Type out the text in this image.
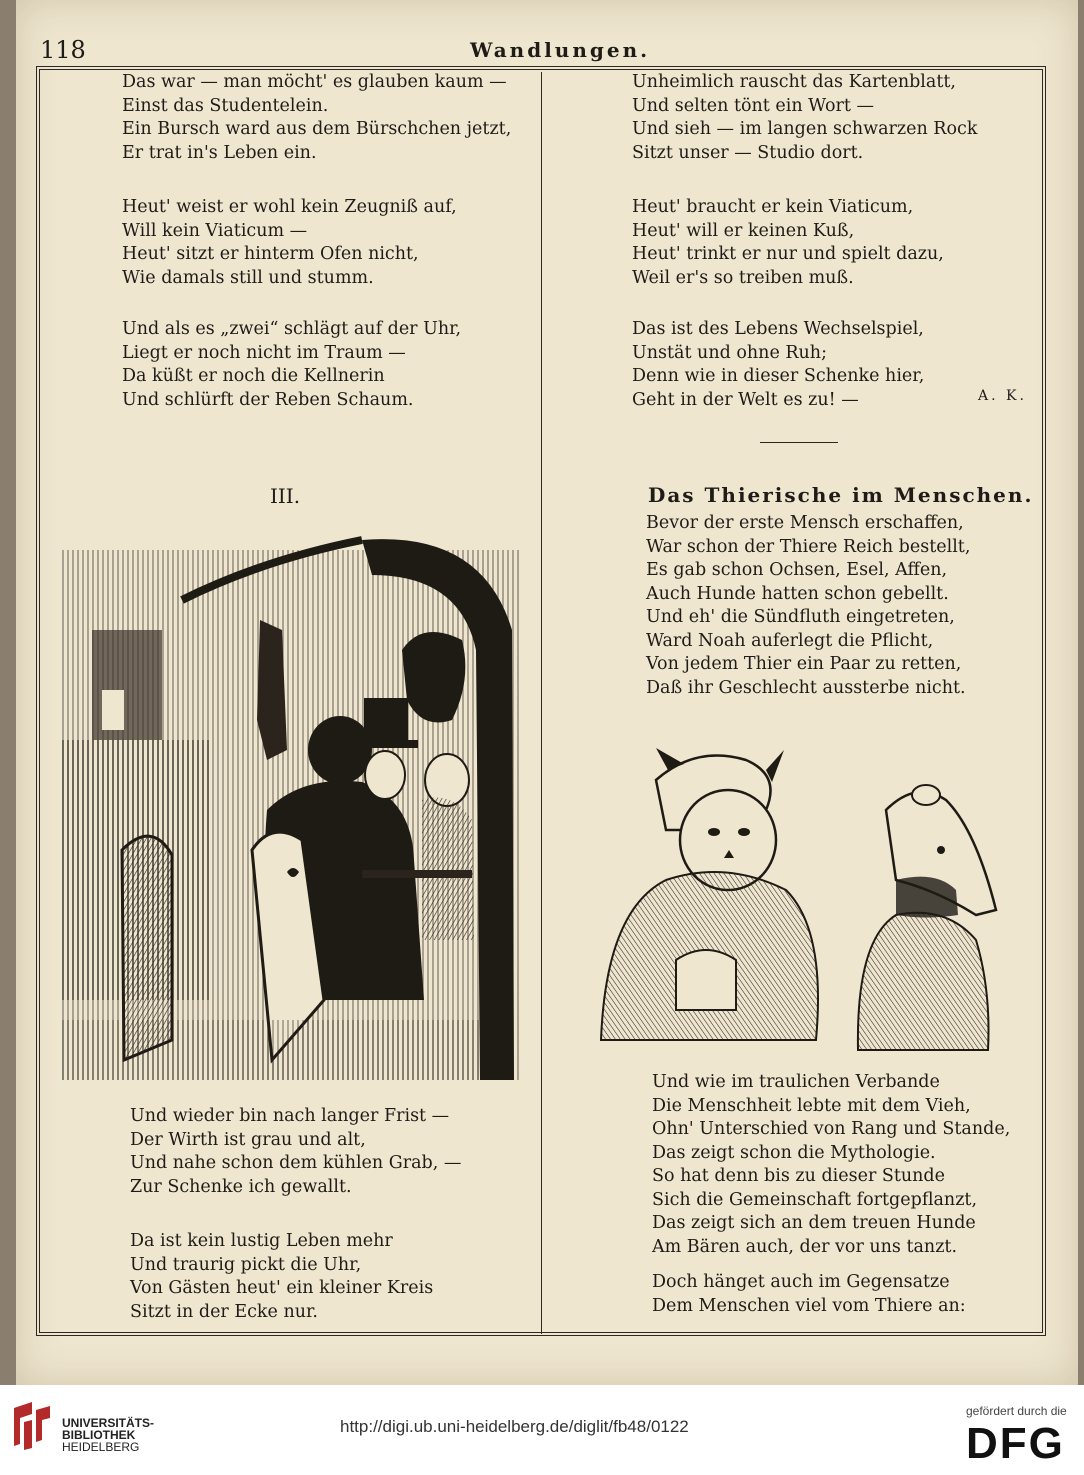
118	Wandlungen.
Das war — man möcht' es glauben kaum —
Einst das Studentelein.
Ein Bursch ward aus dem Bürschchen jetzt,
Er trat in's Leben ein.
Heut' weist er wohl kein Zeugniß auf,
Will kein Viaticum —
Heut' sitzt er hinterm Ofen nicht,
Wie damals still und stumm.
Und als es „zwei“ schlägt auf der Uhr,
Liegt er noch nicht im Traum —
Da küßt er noch die Kellnerin
Und schlürft der Reben Schaum.
III.
Und wieder bin nach langer Frist —
Der Wirth ist grau und alt,
Und nahe schon dem kühlen Grab, —
Zur Schenke ich gewallt.
Da ist kein lustig Leben mehr
Und traurig pickt die Uhr,
Von Gästen heut' ein kleiner Kreis
Sitzt in der Ecke nur.
Unheimlich rauscht das Kartenblatt,
Und selten tönt ein Wort —
Und sieh — im langen schwarzen Rock
Sitzt unser — Studio dort.
Heut' braucht er kein Viaticum,
Heut' will er keinen Kuß,
Heut' trinkt er nur und spielt dazu,
Weil er's so treiben muß.
Das ist des Lebens Wechselspiel,
Unstät und ohne Ruh;
Denn wie in dieser Schenke hier,
Geht in der Welt es zu! —	A. K.
Das Thierische im Menschen.
Bevor der erste Mensch erschaffen,
War schon der Thiere Reich bestellt,
Es gab schon Ochsen, Esel, Affen,
Auch Hunde hatten schon gebellt.
Und eh' die Sündfluth eingetreten,
Ward Noah auferlegt die Pflicht,
Von jedem Thier ein Paar zu retten,
Daß ihr Geschlecht aussterbe nicht.
Und wie im traulichen Verbande
Die Menschheit lebte mit dem Vieh,
Ohn' Unterschied von Rang und Stande,
Das zeigt schon die Mythologie.
So hat denn bis zu dieser Stunde
Sich die Gemeinschaft fortgepflanzt,
Das zeigt sich an dem treuen Hunde
Am Bären auch, der vor uns tanzt.
Doch hänget auch im Gegensatze
Dem Menschen viel vom Thiere an:
UNIVERSITÄTS-
BIBLIOTHEK
HEIDELBERG
http://digi.ub.uni-heidelberg.de/diglit/fb48/0122
gefördert durch die
DFG
